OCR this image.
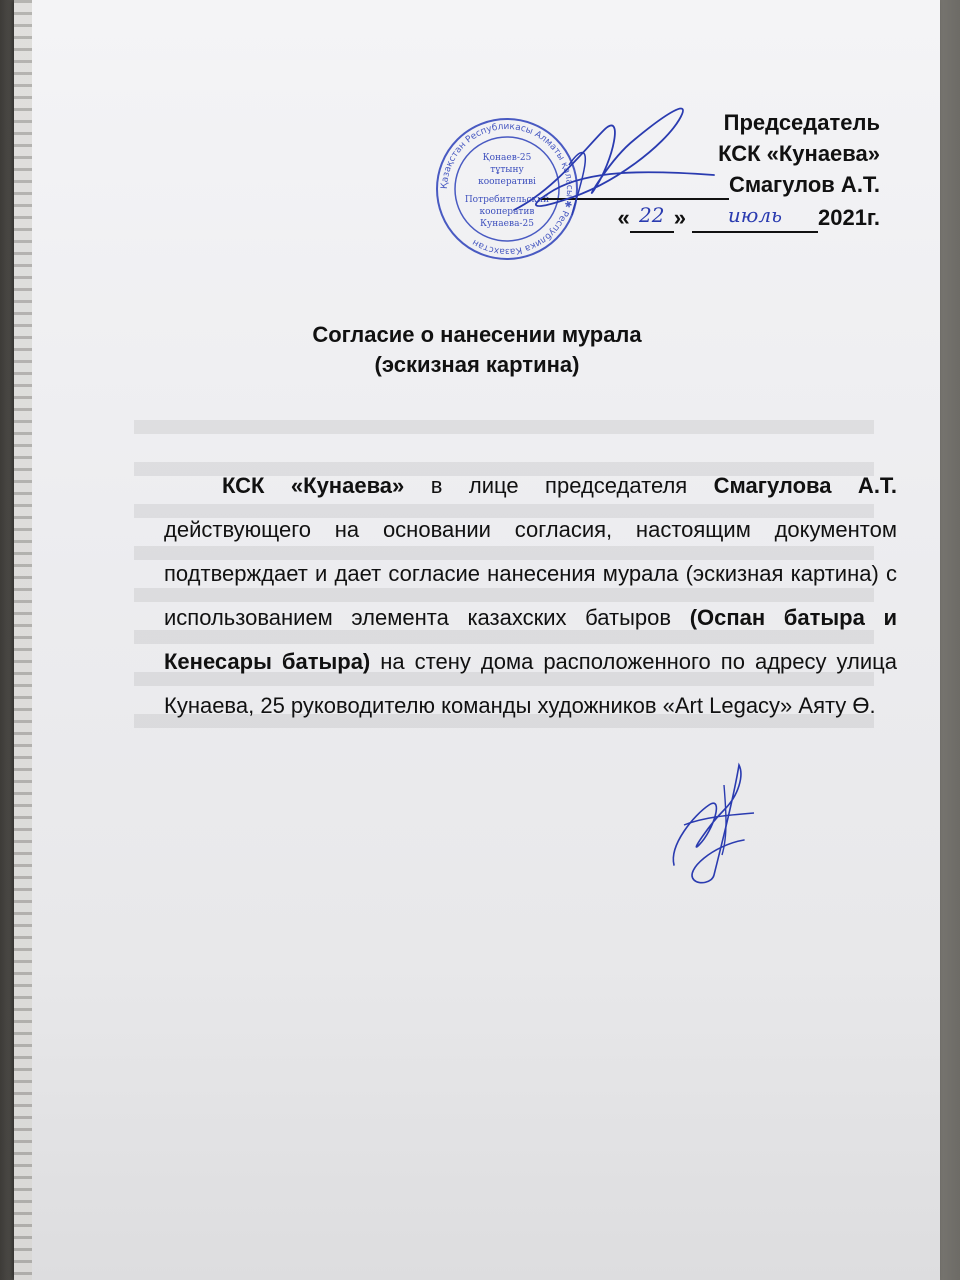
Қазақстан Республикасы Алматы қаласы ✱ Республика Казахстан
Қонаев-25
тұтыну
кооперативі
Потребительский
кооператив
Кунаева-25
Председатель
КСК «Кунаева»
Смагулов А.Т.
« 22 » июль 2021г.
Согласие о нанесении мурала
(эскизная картина)
КСК «Кунаева» в лице председателя Смагулова А.Т. действующего на основании согласия, настоящим документом подтверждает и дает согласие нанесения мурала (эскизная картина) с использованием элемента казахских батыров (Оспан батыра и Кенесары батыра) на стену дома расположенного по адресу улица Кунаева, 25 руководителю команды художников «Art Legacy» Аяту Ө.
